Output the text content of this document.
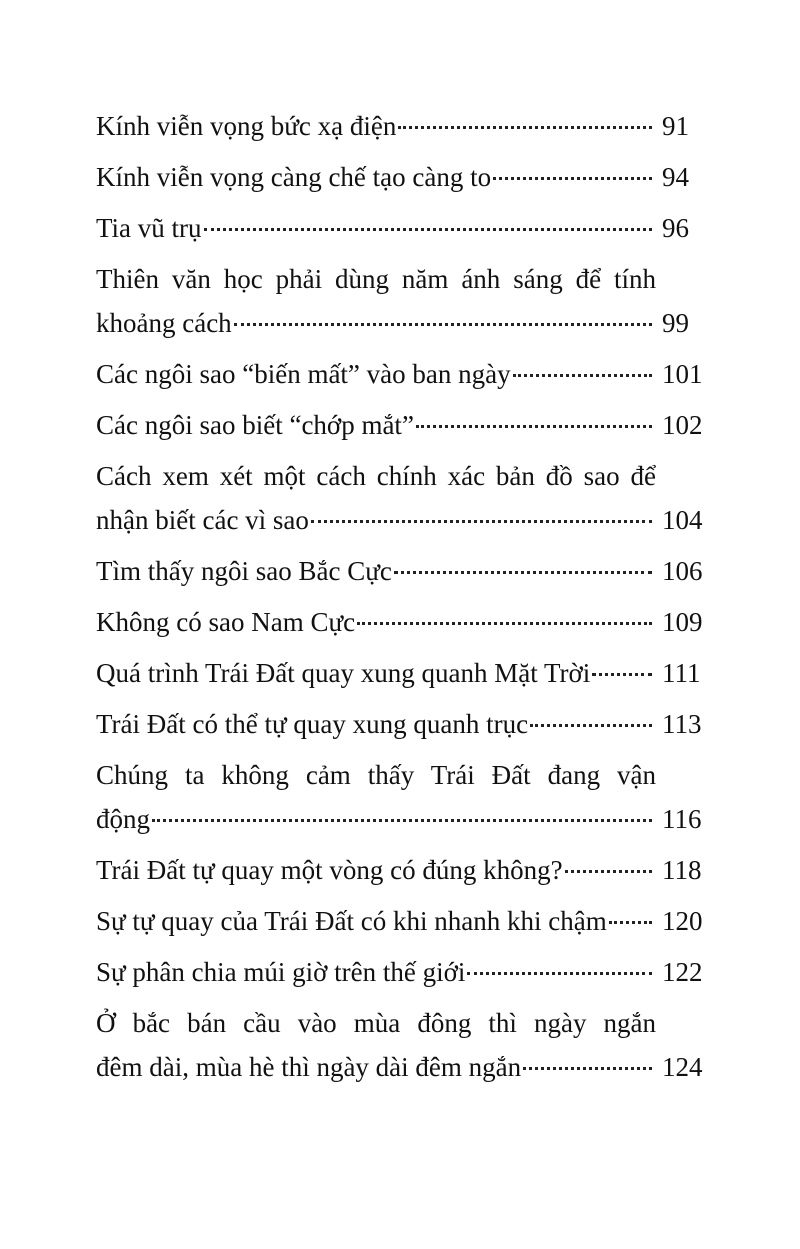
Kính viễn vọng bức xạ điện	91
Kính viễn vọng càng chế tạo càng to	94
Tia vũ trụ	96
Thiên văn học phải dùng năm ánh sáng để tính
khoảng cách	99
Các ngôi sao “biến mất” vào ban ngày	101
Các ngôi sao biết “chớp mắt”	102
Cách xem xét một cách chính xác bản đồ sao để
nhận biết các vì sao	104
Tìm thấy ngôi sao Bắc Cực	106
Không có sao Nam Cực	109
Quá trình Trái Đất quay xung quanh Mặt Trời	111
Trái Đất có thể tự quay xung quanh trục	113
Chúng ta không cảm thấy Trái Đất đang vận
động	116
Trái Đất tự quay một vòng có đúng không?	118
Sự tự quay của Trái Đất có khi nhanh khi chậm 120
Sự phân chia múi giờ trên thế giới	122
Ở bắc bán cầu vào mùa đông thì ngày ngắn
đêm dài, mùa hè thì ngày dài đêm ngắn	124
